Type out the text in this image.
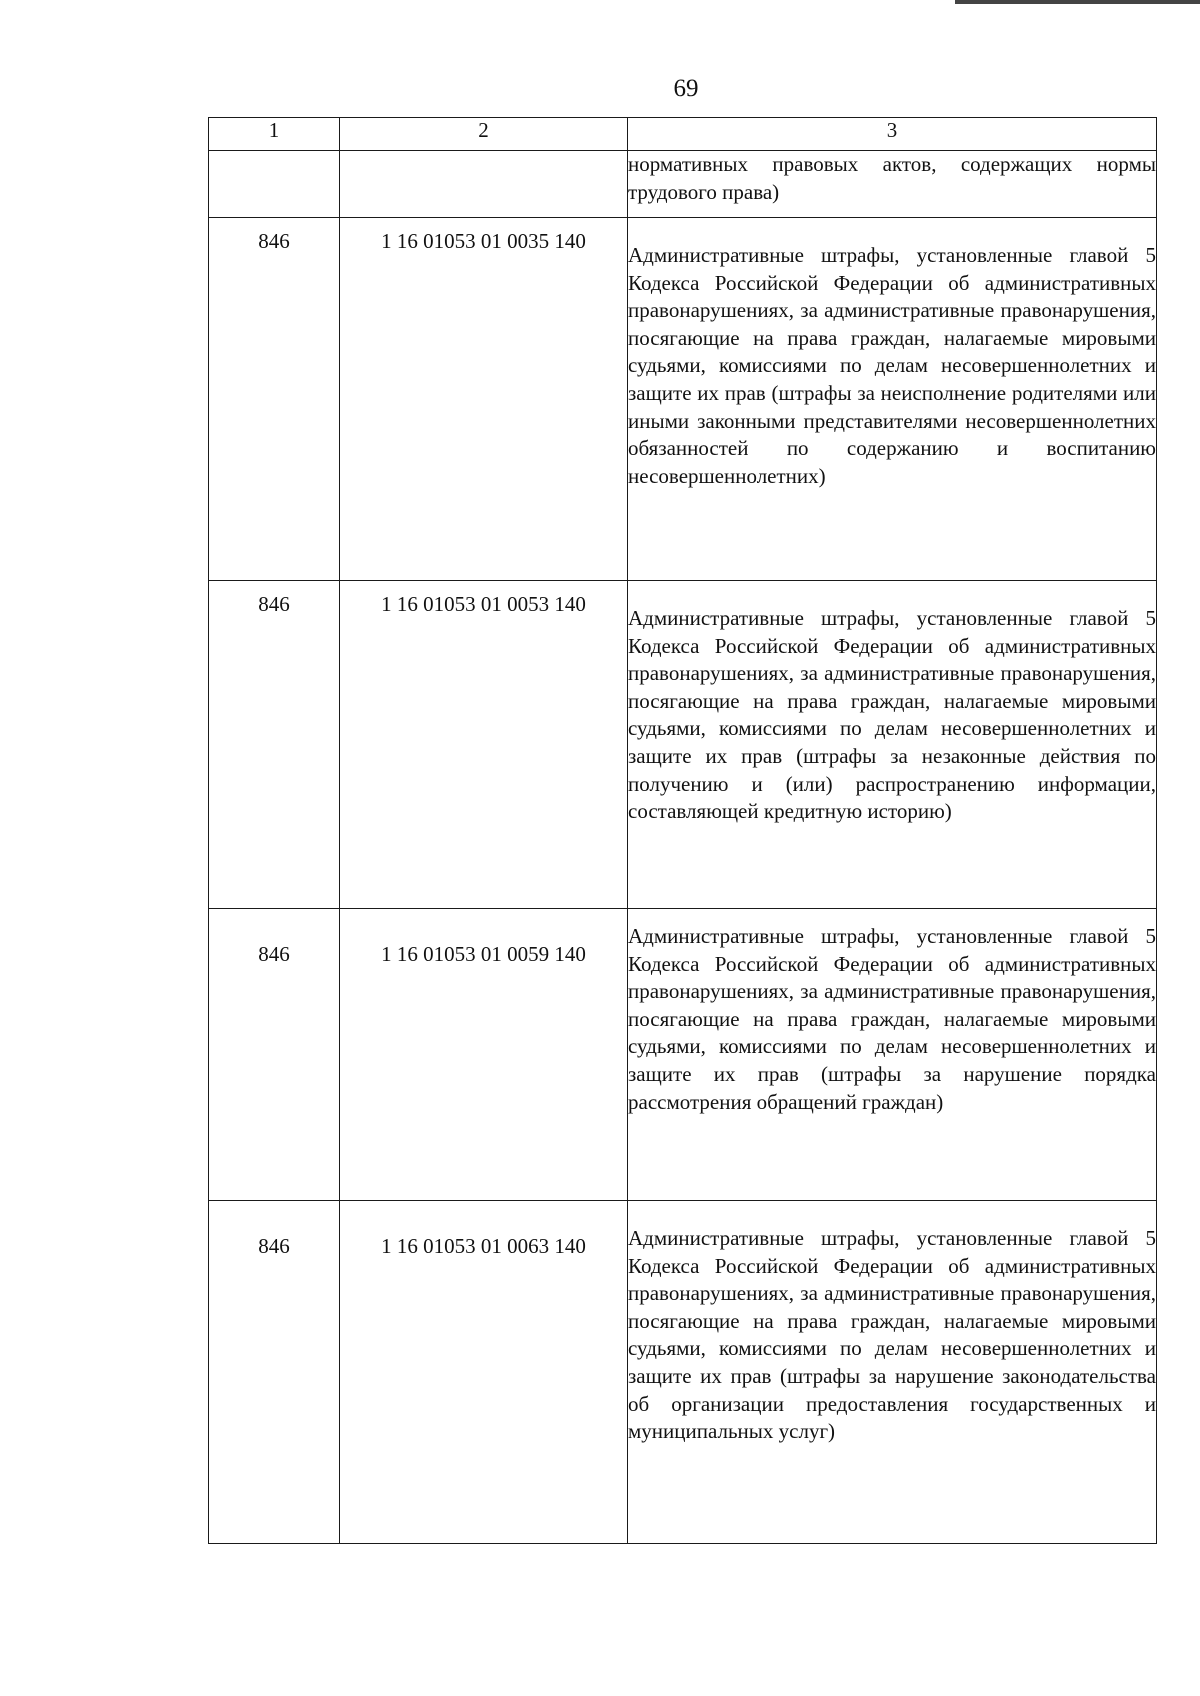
69
1	2	3

		нормативных правовых актов, содержащих нормы трудового права)

846	1 16 01053 01 0035 140	Административные штрафы, установленные главой 5 Кодекса Российской Федерации об административных правонарушениях, за административные правонарушения, посягающие на права граждан, налагаемые мировыми судьями, комиссиями по делам несовершеннолетних и защите их прав (штрафы за неисполнение родителями или иными законными представителями несовершеннолетних обязанностей по содержанию и воспитанию несовершеннолетних)

846	1 16 01053 01 0053 140	Административные штрафы, установленные главой 5 Кодекса Российской Федерации об административных правонарушениях, за административные правонарушения, посягающие на права граждан, налагаемые мировыми судьями, комиссиями по делам несовершеннолетних и защите их прав (штрафы за незаконные действия по получению и (или) распространению информации, составляющей кредитную историю)

846	1 16 01053 01 0059 140	Административные штрафы, установленные главой 5 Кодекса Российской Федерации об административных правонарушениях, за административные правонарушения, посягающие на права граждан, налагаемые мировыми судьями, комиссиями по делам несовершеннолетних и защите их прав (штрафы за нарушение порядка рассмотрения обращений граждан)

846	1 16 01053 01 0063 140	Административные штрафы, установленные главой 5 Кодекса Российской Федерации об административных правонарушениях, за административные правонарушения, посягающие на права граждан, налагаемые мировыми судьями, комиссиями по делам несовершеннолетних и защите их прав (штрафы за нарушение законодательства об организации предоставления государственных и муниципальных услуг)
